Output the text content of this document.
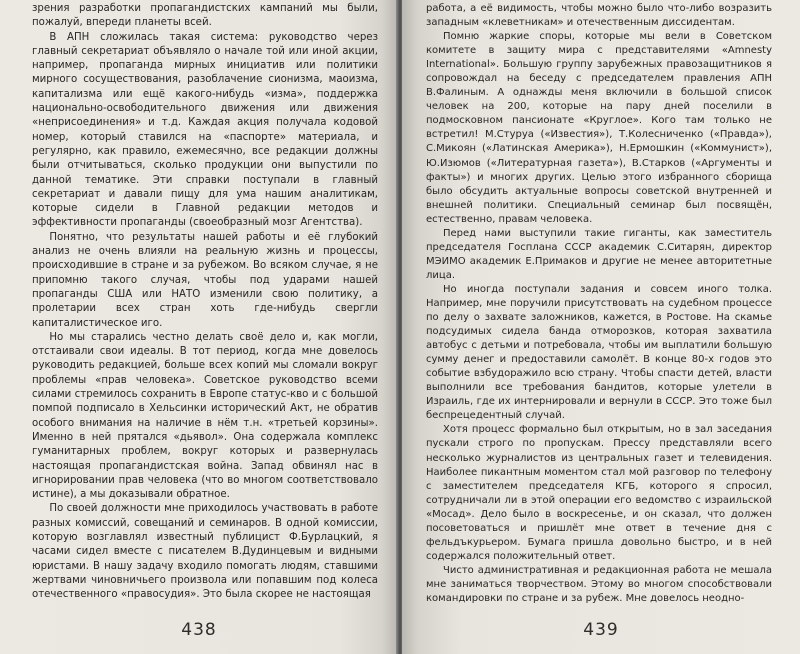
зрения разработки пропагандистских кампаний мы были, пожалуй, впереди планеты всей.

В АПН сложилась такая система: руководство через главный секретариат объявляло о начале той или иной акции, например, пропаганда мирных инициатив или политики мирного сосуществования, разоблачение сионизма, маоизма, капитализма или ещё какого-нибудь «изма», поддержка национально-освободительного движения или движения «неприсоединения» и т.д. Каждая акция получала кодовой номер, который ставился на «паспорте» материала, и регулярно, как правило, ежемесячно, все редакции должны были отчитываться, сколько продукции они выпустили по данной тематике. Эти справки поступали в главный секретариат и давали пищу для ума нашим аналитикам, которые сидели в Главной редакции методов и эффективности пропаганды (своеобразный мозг Агентства).

Понятно, что результаты нашей работы и её глубокий анализ не очень влияли на реальную жизнь и процессы, происходившие в стране и за рубежом. Во всяком случае, я не припомню такого случая, чтобы под ударами нашей пропаганды США или НАТО изменили свою политику, а пролетарии всех стран хоть где-нибудь свергли капиталистическое иго.

Но мы старались честно делать своё дело и, как могли, отстаивали свои идеалы. В тот период, когда мне довелось руководить редакцией, больше всех копий мы сломали вокруг проблемы «прав человека». Советское руководство всеми силами стремилось сохранить в Европе статус-кво и с большой помпой подписало в Хельсинки исторический Акт, не обратив особого внимания на наличие в нём т.н. «третьей корзины». Именно в ней прятался «дьявол». Она содержала комплекс гуманитарных проблем, вокруг которых и развернулась настоящая пропагандистская война. Запад обвинял нас в игнорировании прав человека (что во многом соответствовало истине), а мы доказывали обратное.

По своей должности мне приходилось участвовать в работе разных комиссий, совещаний и семинаров. В одной комиссии, которую возглавлял известный публицист Ф.Бурлацкий, я часами сидел вместе с писателем В.Дудинцевым и видными юристами. В нашу задачу входило помогать людям, ставшими жертвами чиновничьего произвола или попавшим под колеса отечественного «правосудия». Это была скорее не настоящая

438

работа, а её видимость, чтобы можно было что-либо возразить западным «клеветникам» и отечественным диссидентам.

Помню жаркие споры, которые мы вели в Советском комитете в защиту мира с представителями «Amnesty International». Большую группу зарубежных правозащитников я сопровождал на беседу с председателем правления АПН В.Фалиным. А однажды меня включили в большой список человек на 200, которые на пару дней поселили в подмосковном пансионате «Круглое». Кого там только не встретил! М.Стуруа («Известия»), Т.Колесниченко («Правда»), С.Микоян («Латинская Америка»), Н.Ермошкин («Коммунист»), Ю.Изюмов («Литературная газета»), В.Старков («Аргументы и факты») и многих других. Целью этого избранного сборища было обсудить актуальные вопросы советской внутренней и внешней политики. Специальный семинар был посвящён, естественно, правам человека.

Перед нами выступили такие гиганты, как заместитель председателя Госплана СССР академик С.Ситарян, директор МЭИМО академик Е.Примаков и другие не менее авторитетные лица.

Но иногда поступали задания и совсем иного толка. Например, мне поручили присутствовать на судебном процессе по делу о захвате заложников, кажется, в Ростове. На скамье подсудимых сидела банда отморозков, которая захватила автобус с детьми и потребовала, чтобы им выплатили большую сумму денег и предоставили самолёт. В конце 80-х годов это событие взбудоражило всю страну. Чтобы спасти детей, власти выполнили все требования бандитов, которые улетели в Израиль, где их интернировали и вернули в СССР. Это тоже был беспрецедентный случай.

Хотя процесс формально был открытым, но в зал заседания пускали строго по пропускам. Прессу представляли всего несколько журналистов из центральных газет и телевидения. Наиболее пикантным моментом стал мой разговор по телефону с заместителем председателя КГБ, которого я спросил, сотрудничали ли в этой операции его ведомство с израильской «Мосад». Дело было в воскресенье, и он сказал, что должен посоветоваться и пришлёт мне ответ в течение дня с фельдъкурьером. Бумага пришла довольно быстро, и в ней содержался положительный ответ.

Чисто административная и редакционная работа не мешала мне заниматься творчеством. Этому во многом способствовали командировки по стране и за рубеж. Мне довелось неодно-

439
